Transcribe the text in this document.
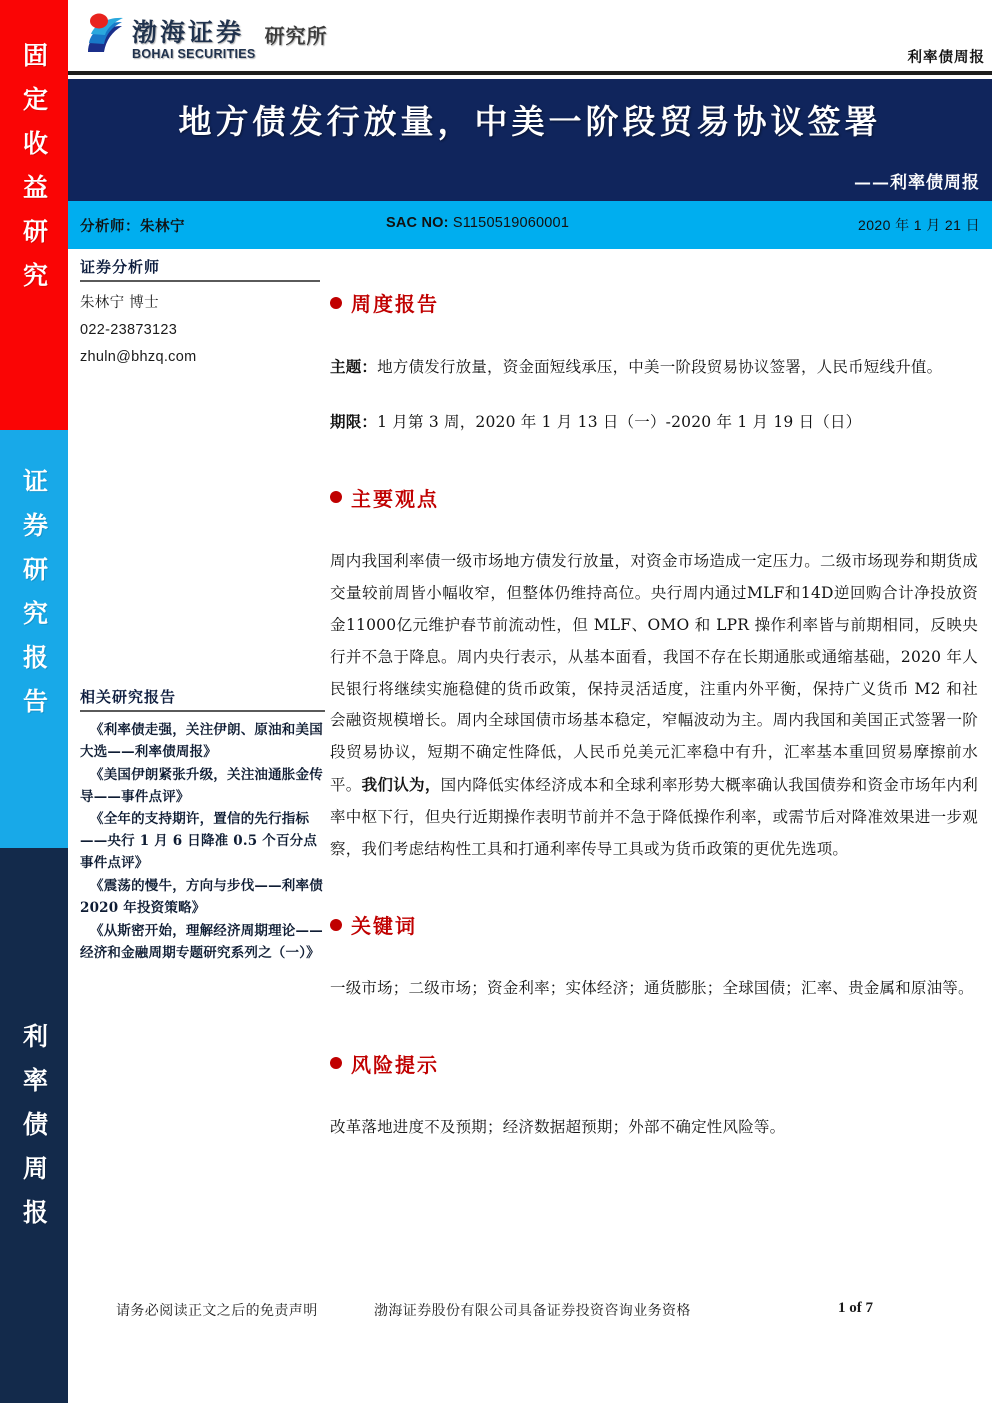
固定收益研究
证券研究报告
利率债周报
渤海证券
BOHAI SECURITIES
研究所
利率债周报
地方债发行放量，中美一阶段贸易协议签署
——利率债周报
分析师：朱林宁	SAC NO: S1150519060001	2020 年 1 月 21 日
证券分析师
朱林宁 博士
022-23873123
zhuln@bhzq.com
相关研究报告
《利率债走强，关注伊朗、原油和美国大选——利率债周报》
《美国伊朗紧张升级，关注油通胀金传导——事件点评》
《全年的支持期许，置信的先行指标——央行 1 月 6 日降准 0.5 个百分点事件点评》
《震荡的慢牛，方向与步伐——利率债 2020 年投资策略》
《从斯密开始，理解经济周期理论——经济和金融周期专题研究系列之（一）》
周度报告

主题：地方债发行放量，资金面短线承压，中美一阶段贸易协议签署，人民币短线升值。

期限：1 月第 3 周，2020 年 1 月 13 日（一）-2020 年 1 月 19 日（日）

主要观点

周内我国利率债一级市场地方债发行放量，对资金市场造成一定压力。二级市场现券和期货成交量较前周皆小幅收窄，但整体仍维持高位。央行周内通过MLF和14D逆回购合计净投放资金11000亿元维护春节前流动性，但 MLF、OMO 和 LPR 操作利率皆与前期相同，反映央行并不急于降息。周内央行表示，从基本面看，我国不存在长期通胀或通缩基础，2020 年人民银行将继续实施稳健的货币政策，保持灵活适度，注重内外平衡，保持广义货币 M2 和社会融资规模增长。周内全球国债市场基本稳定，窄幅波动为主。周内我国和美国正式签署一阶段贸易协议，短期不确定性降低，人民币兑美元汇率稳中有升，汇率基本重回贸易摩擦前水平。我们认为，国内降低实体经济成本和全球利率形势大概率确认我国债券和资金市场年内利率中枢下行，但央行近期操作表明节前并不急于降低操作利率，或需节后对降准效果进一步观察，我们考虑结构性工具和打通利率传导工具或为货币政策的更优先选项。

关键词

一级市场；二级市场；资金利率；实体经济；通货膨胀；全球国债；汇率、贵金属和原油等。

风险提示

改革落地进度不及预期；经济数据超预期；外部不确定性风险等。

请务必阅读正文之后的免责声明	渤海证券股份有限公司具备证券投资咨询业务资格	1 of 7
